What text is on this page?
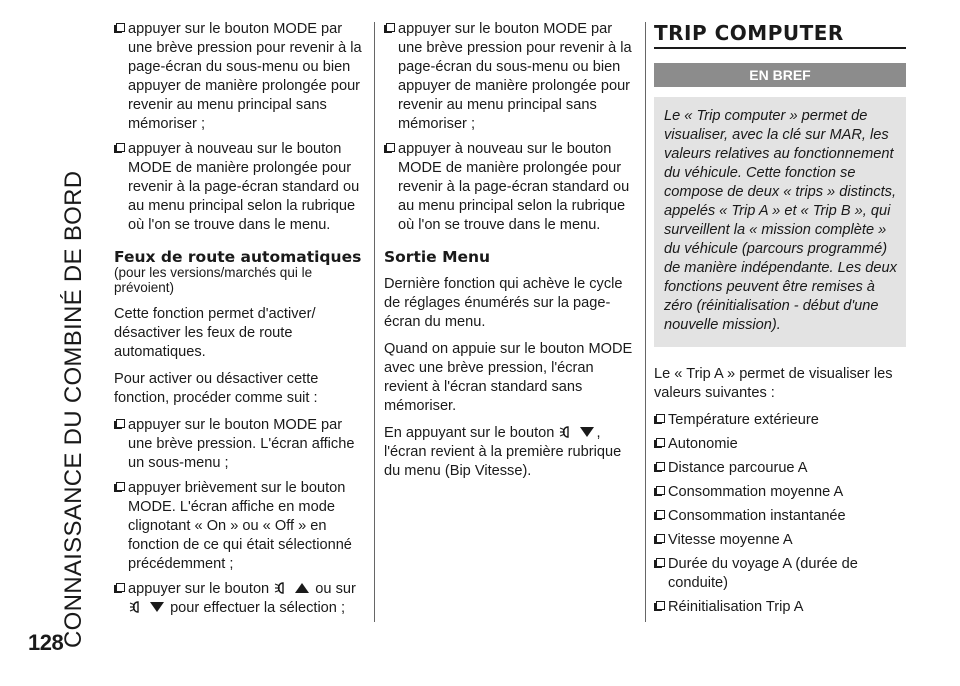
CONNAISSANCE DU COMBINÉ DE BORD
128
appuyer sur le bouton MODE par une brève pression pour revenir à la page-écran du sous-menu ou bien appuyer de manière prolongée pour revenir au menu principal sans mémoriser ;
appuyer à nouveau sur le bouton MODE de manière prolongée pour revenir à la page-écran standard ou au menu principal selon la rubrique où l'on se trouve dans le menu.
Feux de route automatiques
(pour les versions/marchés qui le prévoient)

Cette fonction permet d'activer/ désactiver les feux de route automatiques.

Pour activer ou désactiver cette fonction, procéder comme suit :

appuyer sur le bouton MODE par une brève pression. L'écran affiche un sous-menu ;
appuyer brièvement sur le bouton MODE. L'écran affiche en mode clignotant « On » ou « Off » en fonction de ce qui était sélectionné précédemment ;
appuyer sur le bouton	ou sur
pour effectuer la sélection ;
appuyer sur le bouton MODE par une brève pression pour revenir à la page-écran du sous-menu ou bien appuyer de manière prolongée pour revenir au menu principal sans mémoriser ;
appuyer à nouveau sur le bouton MODE de manière prolongée pour revenir à la page-écran standard ou au menu principal selon la rubrique où l'on se trouve dans le menu.
Sortie Menu

Dernière fonction qui achève le cycle de réglages énumérés sur la page-écran du menu.

Quand on appuie sur le bouton MODE avec une brève pression, l'écran revient à l'écran standard sans mémoriser.

En appuyant sur le bouton	,
l'écran revient à la première rubrique du menu (Bip Vitesse).

TRIP COMPUTER
EN BREF
Le « Trip computer » permet de visualiser, avec la clé sur MAR, les valeurs relatives au fonctionnement du véhicule. Cette fonction se compose de deux « trips » distincts, appelés « Trip A » et « Trip B », qui surveillent la « mission complète » du véhicule (parcours programmé) de manière indépendante. Les deux fonctions peuvent être remises à zéro (réinitialisation - début d'une nouvelle mission).

Le « Trip A » permet de visualiser les valeurs suivantes :

Température extérieure
Autonomie
Distance parcourue A
Consommation moyenne A
Consommation instantanée
Vitesse moyenne A
Durée du voyage A (durée de conduite)
Réinitialisation Trip A
